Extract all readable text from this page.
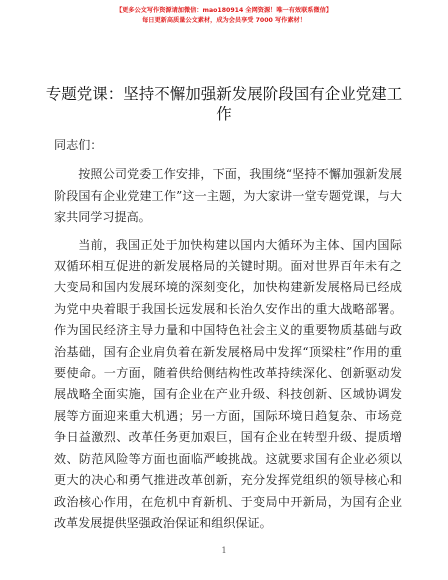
【更多公文写作资源请加微信：mao180914 全网资源！唯一有效联系微信】
每日更新高质量公文素材，成为会员享受 7000 写作素材！
专题党课：坚持不懈加强新发展阶段国有企业党建工作

同志们：

按照公司党委工作安排，下面，我围绕“坚持不懈加强新发展阶段国有企业党建工作”这一主题，为大家讲一堂专题党课，与大家共同学习提高。

当前，我国正处于加快构建以国内大循环为主体、国内国际双循环相互促进的新发展格局的关键时期。面对世界百年未有之大变局和国内发展环境的深刻变化，加快构建新发展格局已经成为党中央着眼于我国长远发展和长治久安作出的重大战略部署。作为国民经济主导力量和中国特色社会主义的重要物质基础与政治基础，国有企业肩负着在新发展格局中发挥“顶梁柱”作用的重要使命。一方面，随着供给侧结构性改革持续深化、创新驱动发展战略全面实施，国有企业在产业升级、科技创新、区域协调发展等方面迎来重大机遇；另一方面，国际环境日趋复杂、市场竞争日益激烈、改革任务更加艰巨，国有企业在转型升级、提质增效、防范风险等方面也面临严峻挑战。这就要求国有企业必须以更大的决心和勇气推进改革创新，充分发挥党组织的领导核心和政治核心作用，在危机中育新机、于变局中开新局，为国有企业改革发展提供坚强政治保证和组织保证。

1
